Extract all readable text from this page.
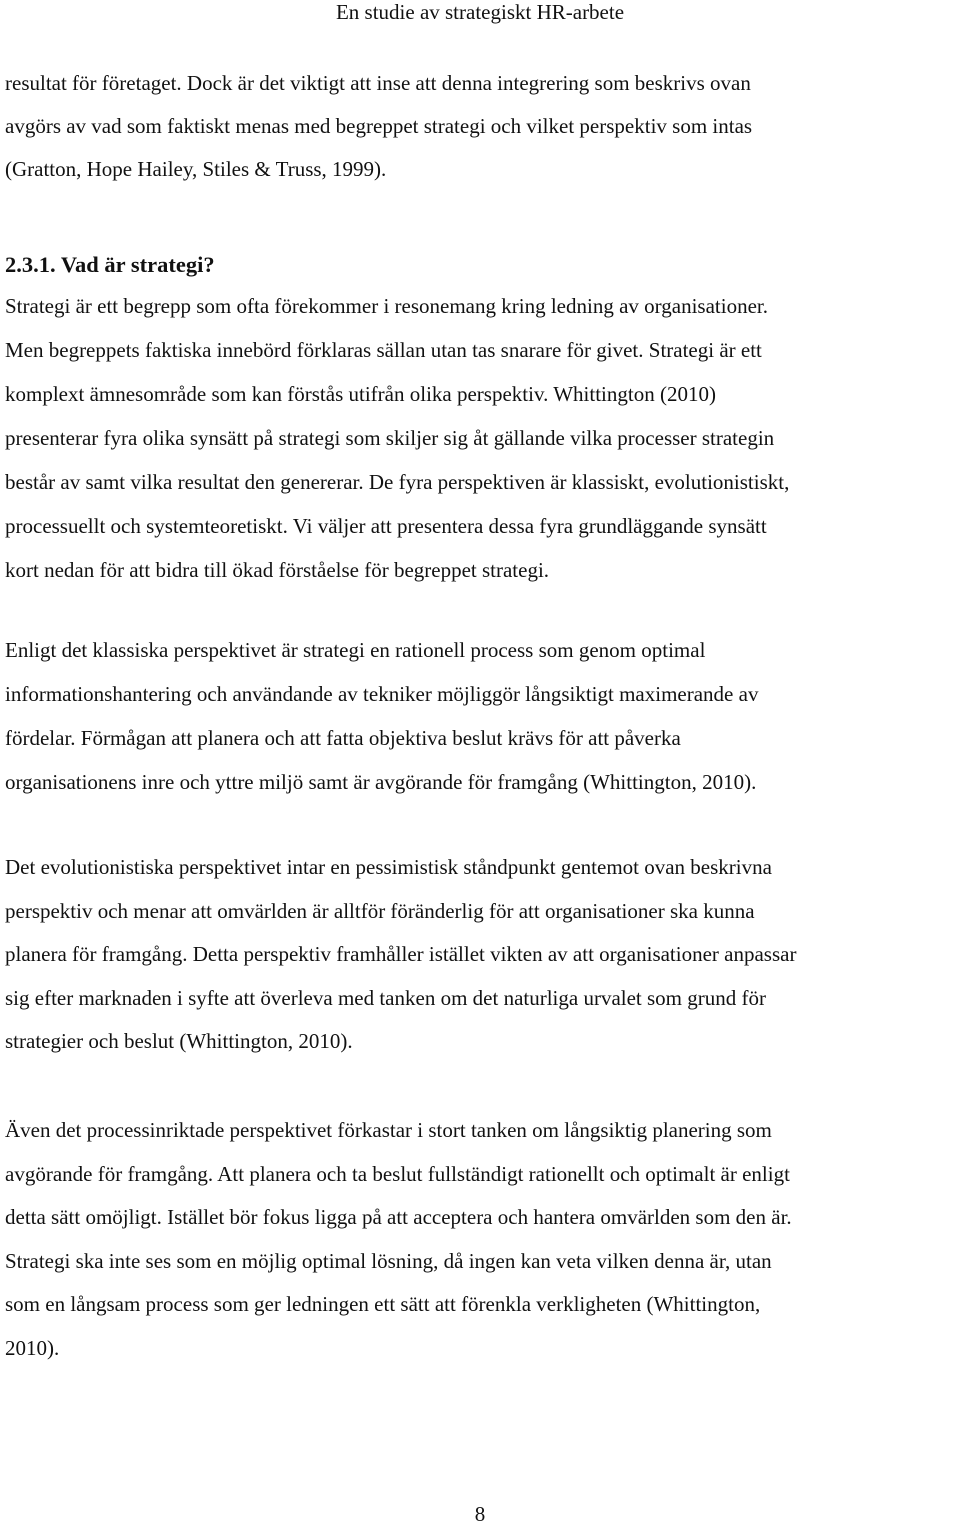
En studie av strategiskt HR-arbete

resultat för företaget. Dock är det viktigt att inse att denna integrering som beskrivs ovan

avgörs av vad som faktiskt menas med begreppet strategi och vilket perspektiv som intas

(Gratton, Hope Hailey, Stiles & Truss, 1999).

2.3.1. Vad är strategi?

Strategi är ett begrepp som ofta förekommer i resonemang kring ledning av organisationer.

Men begreppets faktiska innebörd förklaras sällan utan tas snarare för givet. Strategi är ett

komplext ämnesområde som kan förstås utifrån olika perspektiv. Whittington (2010)

presenterar fyra olika synsätt på strategi som skiljer sig åt gällande vilka processer strategin

består av samt vilka resultat den genererar. De fyra perspektiven är klassiskt, evolutionistiskt,

processuellt och systemteoretiskt. Vi väljer att presentera dessa fyra grundläggande synsätt

kort nedan för att bidra till ökad förståelse för begreppet strategi.

Enligt det klassiska perspektivet är strategi en rationell process som genom optimal

informationshantering och användande av tekniker möjliggör långsiktigt maximerande av

fördelar. Förmågan att planera och att fatta objektiva beslut krävs för att påverka

organisationens inre och yttre miljö samt är avgörande för framgång (Whittington, 2010).

Det evolutionistiska perspektivet intar en pessimistisk ståndpunkt gentemot ovan beskrivna

perspektiv och menar att omvärlden är alltför föränderlig för att organisationer ska kunna

planera för framgång. Detta perspektiv framhåller istället vikten av att organisationer anpassar

sig efter marknaden i syfte att överleva med tanken om det naturliga urvalet som grund för

strategier och beslut (Whittington, 2010).

Även det processinriktade perspektivet förkastar i stort tanken om långsiktig planering som

avgörande för framgång. Att planera och ta beslut fullständigt rationellt och optimalt är enligt

detta sätt omöjligt. Istället bör fokus ligga på att acceptera och hantera omvärlden som den är.

Strategi ska inte ses som en möjlig optimal lösning, då ingen kan veta vilken denna är, utan

som en långsam process som ger ledningen ett sätt att förenkla verkligheten (Whittington,

2010).

8
